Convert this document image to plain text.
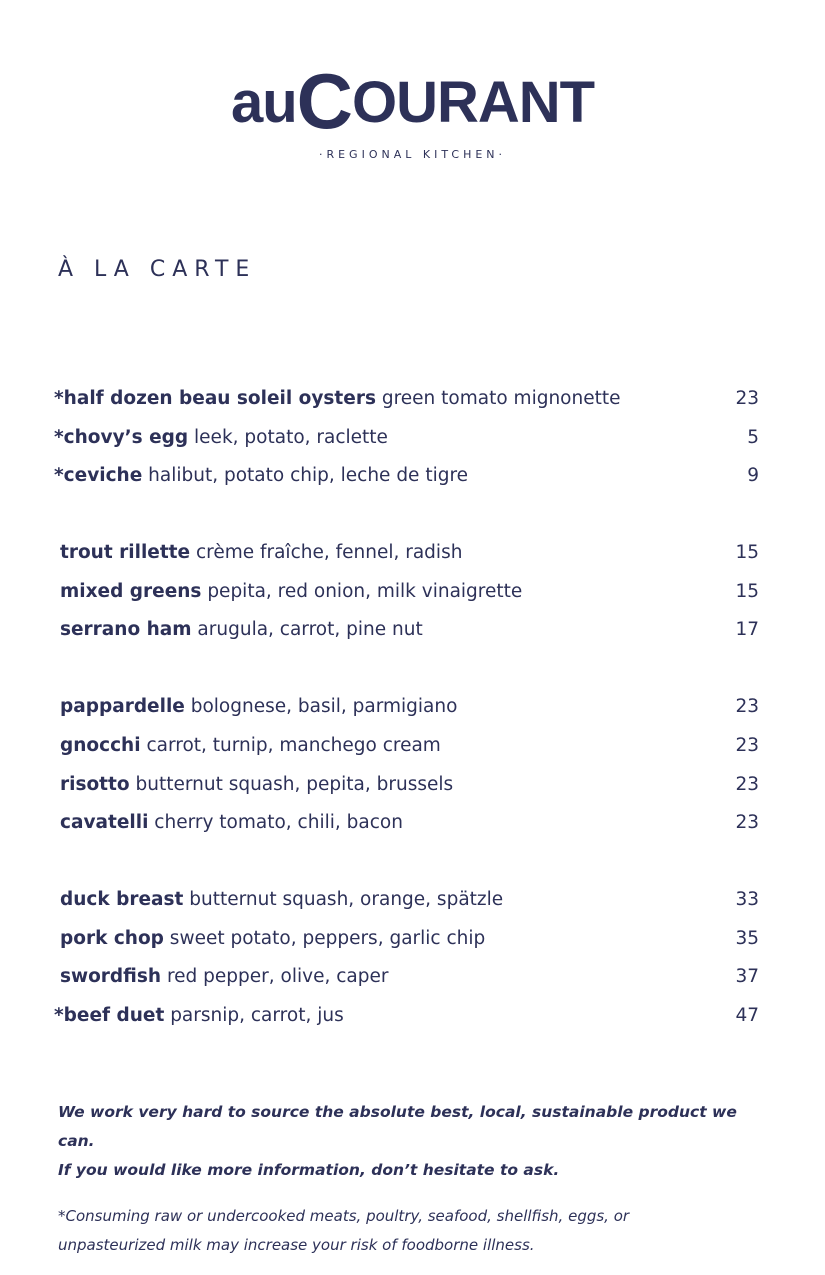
auCOURANT
·REGIONAL KITCHEN·
À LA CARTE
*half dozen beau soleil oysters green tomato mignonette	23
*chovy’s egg leek, potato, raclette	5
*ceviche halibut, potato chip, leche de tigre	9
trout rillette crème fraîche, fennel, radish	15
mixed greens pepita, red onion, milk vinaigrette	15
serrano ham arugula, carrot, pine nut	17
pappardelle bolognese, basil, parmigiano	23
gnocchi carrot, turnip, manchego cream	23
risotto butternut squash, pepita, brussels	23
cavatelli cherry tomato, chili, bacon	23
duck breast butternut squash, orange, spätzle	33
pork chop sweet potato, peppers, garlic chip	35
swordfish red pepper, olive, caper	37
*beef duet parsnip, carrot, jus	47
We work very hard to source the absolute best, local, sustainable product we can.
If you would like more information, don’t hesitate to ask.
*Consuming raw or undercooked meats, poultry, seafood, shellfish, eggs, or
unpasteurized milk may increase your risk of foodborne illness.
